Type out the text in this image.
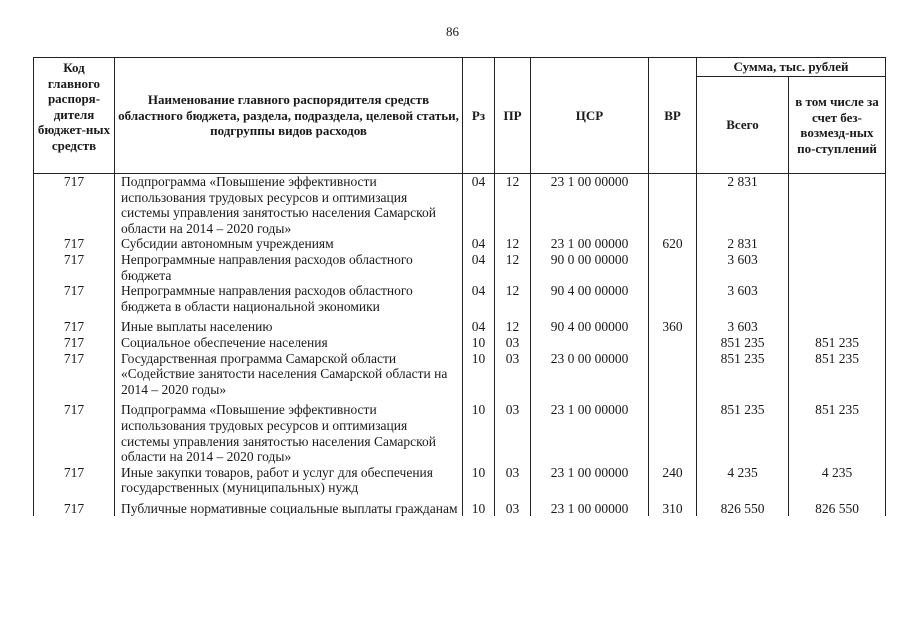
86
Код главного распоря-дителя бюджет-ных средств	Наименование главного распорядителя средств областного бюджета, раздела, подраздела, целевой статьи, подгруппы видов расходов	Рз	ПР	ЦСР	ВР	Сумма, тыс. рублей	
						Всего	в том числе за счет без-возмезд-ных по-ступлений
717	Подпрограмма «Повышение эффективности использования трудовых ресурсов и оптимизация системы управления занятостью населения Самарской области на 2014 – 2020 годы»	04	12	23 1 00 00000		2 831	
717	Субсидии автономным учреждениям	04	12	23 1 00 00000	620	2 831	
717	Непрограммные направления расходов областного бюджета	04	12	90 0 00 00000		3 603	
717	Непрограммные направления расходов областного бюджета в области национальной экономики	04	12	90 4 00 00000		3 603	
717	Иные выплаты населению	04	12	90 4 00 00000	360	3 603	
717	Социальное обеспечение населения	10	03			851 235	851 235
717	Государственная программа Самарской области «Содействие занятости населения Самарской области на 2014 – 2020 годы»	10	03	23 0 00 00000		851 235	851 235
717	Подпрограмма «Повышение эффективности использования трудовых ресурсов и оптимизация системы управления занятостью населения Самарской области на 2014 – 2020 годы»	10	03	23 1 00 00000		851 235	851 235
717	Иные закупки товаров, работ и услуг для обеспечения государственных (муниципальных) нужд	10	03	23 1 00 00000	240	4 235	4 235
717	Публичные нормативные социальные выплаты гражданам	10	03	23 1 00 00000	310	826 550	826 550
